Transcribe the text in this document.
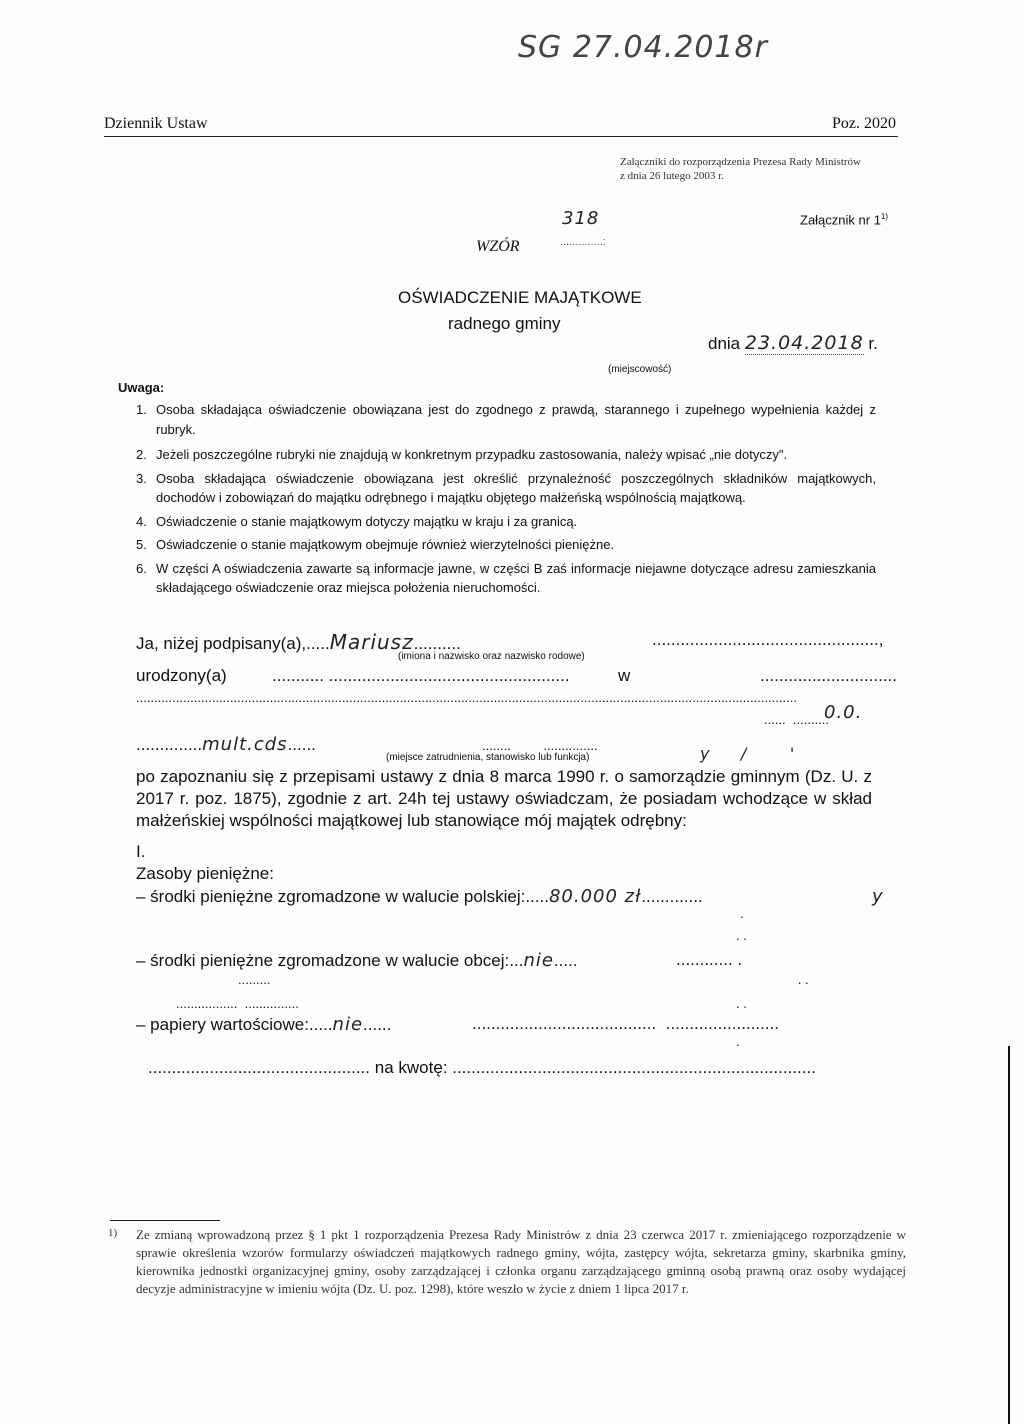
SG 27.04.2018r
Dziennik Ustaw	Poz. 2020
Załączniki do rozporządzenia Prezesa Rady Ministrów
z dnia 26 lutego 2003 r.
318	Załącznik nr 1$^{1)}$
WZÓR	..............:
OŚWIADCZENIE MAJĄTKOWE
radnego gminy
dnia 23.04.2018 r.
(miejscowość)
Uwaga:
1. Osoba składająca oświadczenie obowiązana jest do zgodnego z prawdą, starannego i zupełnego wypełnienia każdej z rubryk.
2. Jeżeli poszczególne rubryki nie znajdują w konkretnym przypadku zastosowania, należy wpisać „nie dotyczy".
3. Osoba składająca oświadczenie obowiązana jest określić przynależność poszczególnych składników majątkowych, dochodów i zobowiązań do majątku odrębnego i majątku objętego małżeńską wspólnością majątkową.
4. Oświadczenie o stanie majątkowym dotyczy majątku w kraju i za granicą.
5. Oświadczenie o stanie majątkowym obejmuje również wierzytelności pieniężne.
6. W części A oświadczenia zawarte są informacje jawne, w części B zaś informacje niejawne dotyczące adresu zamieszkania składającego oświadczenie oraz miejsca położenia nieruchomości.
Ja, niżej podpisany(a),.....Mariusz..........	................................................,
(imiona i nazwisko oraz nazwisko rodowe)
urodzony(a)	........... ...................................................	w	.............................
.......................................................................................................................................................................................
......  ..........
0.0.
..............mult.cds......	........         ...............
(miejsce zatrudnienia, stanowisko lub funkcja)	𝘺     /       '
po zapoznaniu się z przepisami ustawy z dnia 8 marca 1990 r. o samorządzie gminnym (Dz. U. z 2017 r. poz. 1875), zgodnie z art. 24h tej ustawy oświadczam, że posiadam wchodzące w skład małżeńskiej wspólności majątkowej lub stanowiące mój majątek odrębny:
I.
Zasoby pieniężne:
– środki pieniężne zgromadzone w walucie polskiej:.....80.000 zł.............	𝘺
.
. .
– środki pieniężne zgromadzone w walucie obcej:...nie.....	............ .
.........                                                                                                                                                  . .
.................  ...............	. .
– papiery wartościowe:.....nie......	.......................................  ........................
.
............................................... na kwotę: .............................................................................
1) Ze zmianą wprowadzoną przez § 1 pkt 1 rozporządzenia Prezesa Rady Ministrów z dnia 23 czerwca 2017 r. zmieniającego rozporządzenie w sprawie określenia wzorów formularzy oświadczeń majątkowych radnego gminy, wójta, zastępcy wójta, sekretarza gminy, skarbnika gminy, kierownika jednostki organizacyjnej gminy, osoby zarządzającej i członka organu zarządzającego gminną osobą prawną oraz osoby wydającej decyzje administracyjne w imieniu wójta (Dz. U. poz. 1298), które weszło w życie z dniem 1 lipca 2017 r.
